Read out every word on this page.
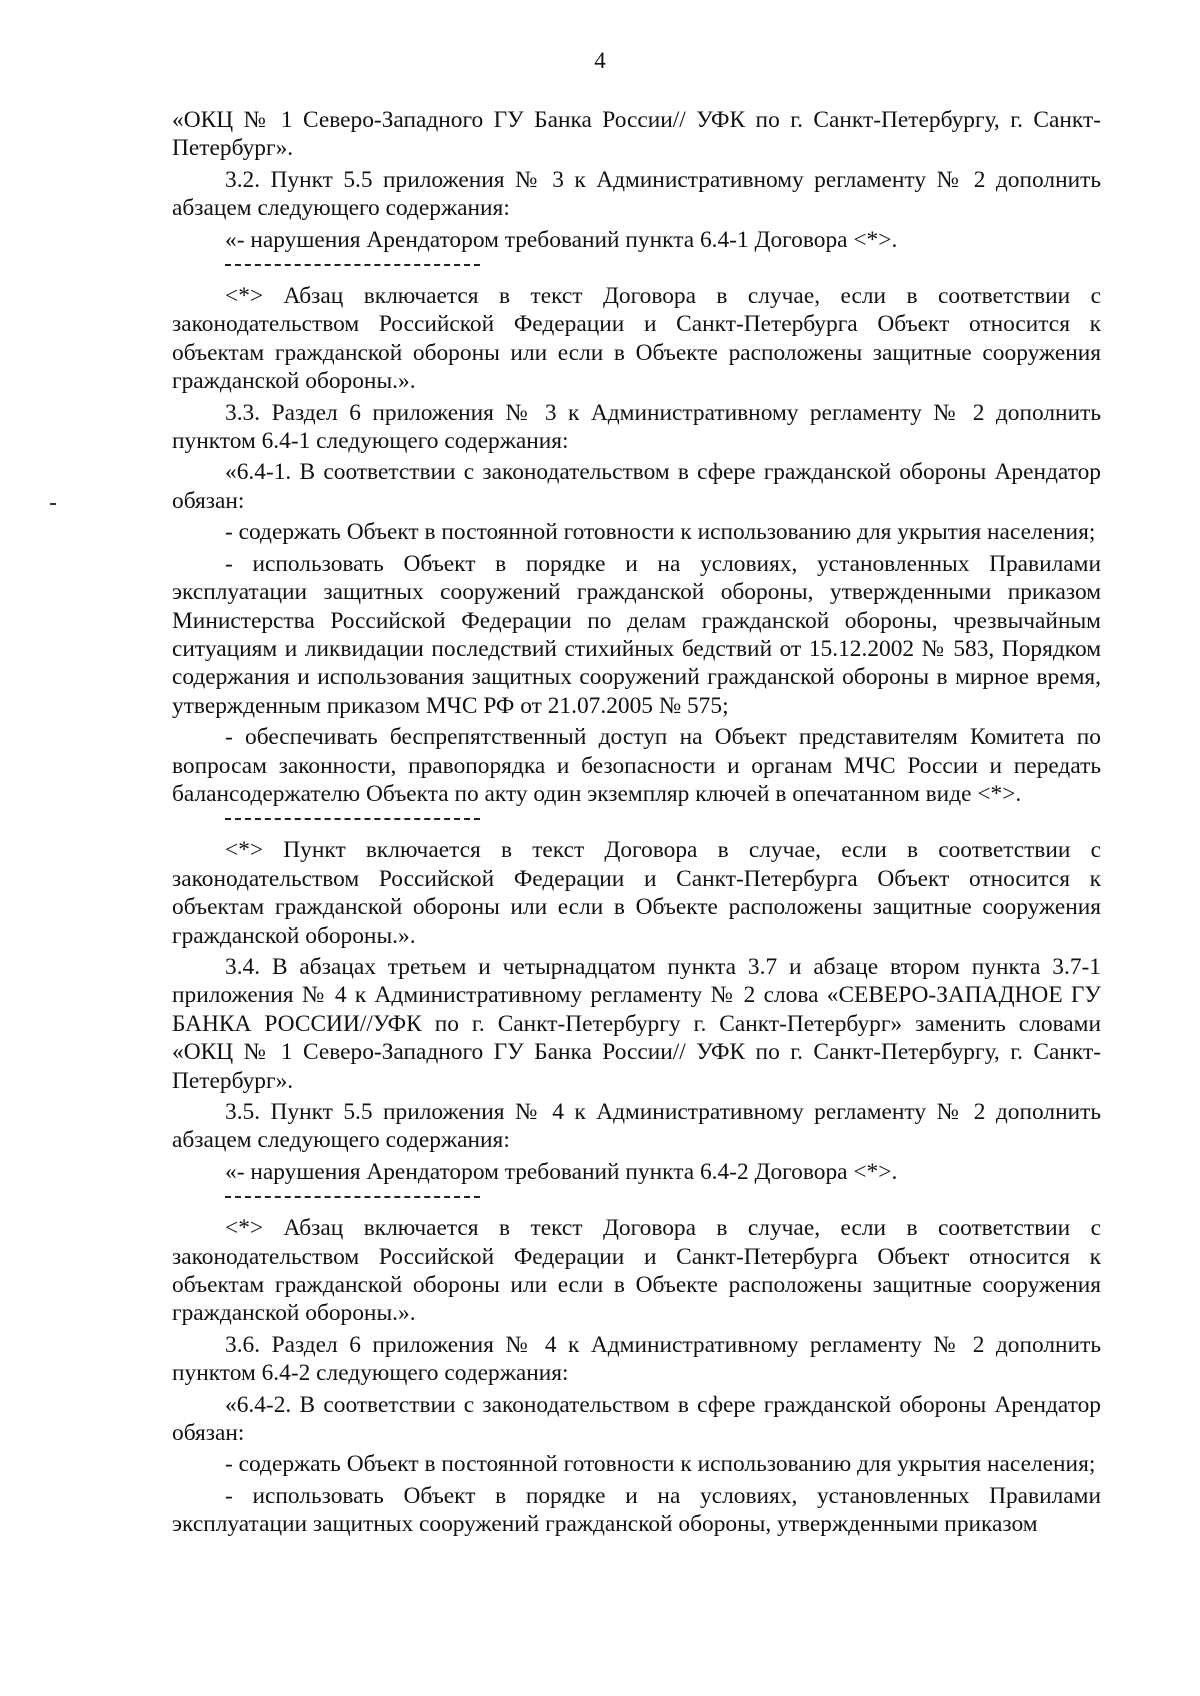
4

«ОКЦ № 1 Северо-Западного ГУ Банка России// УФК по г. Санкт-Петербургу, г. Санкт-Петербург».

3.2. Пункт 5.5 приложения № 3 к Административному регламенту № 2 дополнить абзацем следующего содержания:

«- нарушения Арендатором требований пункта 6.4-1 Договора <*>.

<*> Абзац включается в текст Договора в случае, если в соответствии с законодательством Российской Федерации и Санкт-Петербурга Объект относится к объектам гражданской обороны или если в Объекте расположены защитные сооружения гражданской обороны.».

3.3. Раздел 6 приложения № 3 к Административному регламенту № 2 дополнить пунктом 6.4-1 следующего содержания:

«6.4-1. В соответствии с законодательством в сфере гражданской обороны Арендатор обязан:

- содержать Объект в постоянной готовности к использованию для укрытия населения;

- использовать Объект в порядке и на условиях, установленных Правилами эксплуатации защитных сооружений гражданской обороны, утвержденными приказом Министерства Российской Федерации по делам гражданской обороны, чрезвычайным ситуациям и ликвидации последствий стихийных бедствий от 15.12.2002 № 583, Порядком содержания и использования защитных сооружений гражданской обороны в мирное время, утвержденным приказом МЧС РФ от 21.07.2005 № 575;

- обеспечивать беспрепятственный доступ на Объект представителям Комитета по вопросам законности, правопорядка и безопасности и органам МЧС России и передать балансодержателю Объекта по акту один экземпляр ключей в опечатанном виде <*>.

<*> Пункт включается в текст Договора в случае, если в соответствии с законодательством Российской Федерации и Санкт-Петербурга Объект относится к объектам гражданской обороны или если в Объекте расположены защитные сооружения гражданской обороны.».

3.4. В абзацах третьем и четырнадцатом пункта 3.7 и абзаце втором пункта 3.7-1 приложения № 4 к Административному регламенту № 2 слова «СЕВЕРО-ЗАПАДНОЕ ГУ БАНКА РОССИИ//УФК по г. Санкт-Петербургу г. Санкт-Петербург» заменить словами «ОКЦ № 1 Северо-Западного ГУ Банка России// УФК по г. Санкт-Петербургу, г. Санкт-Петербург».

3.5. Пункт 5.5 приложения № 4 к Административному регламенту № 2 дополнить абзацем следующего содержания:

«- нарушения Арендатором требований пункта 6.4-2 Договора <*>.

<*> Абзац включается в текст Договора в случае, если в соответствии с законодательством Российской Федерации и Санкт-Петербурга Объект относится к объектам гражданской обороны или если в Объекте расположены защитные сооружения гражданской обороны.».

3.6. Раздел 6 приложения № 4 к Административному регламенту № 2 дополнить пунктом 6.4-2 следующего содержания:

«6.4-2. В соответствии с законодательством в сфере гражданской обороны Арендатор обязан:

- содержать Объект в постоянной готовности к использованию для укрытия населения;

- использовать Объект в порядке и на условиях, установленных Правилами эксплуатации защитных сооружений гражданской обороны, утвержденными приказом
